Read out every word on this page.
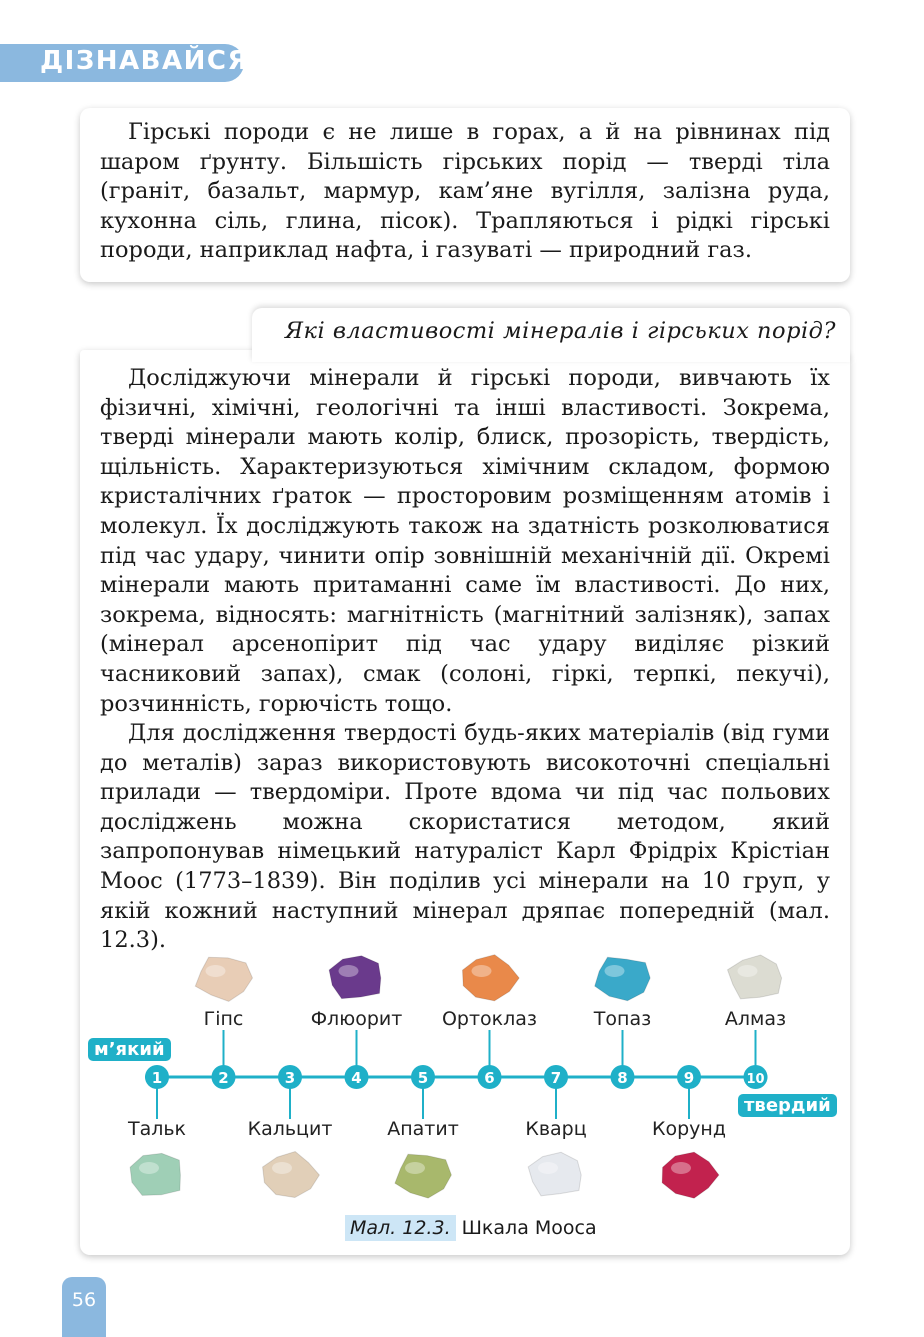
ДІЗНАВАЙСЯ

Гірські породи є не лише в горах, а й на рівнинах під шаром ґрунту. Більшість гірських порід — тверді тіла (граніт, базальт, мармур, кам’яне вугілля, залізна руда, кухонна сіль, глина, пісок). Трапляються і рідкі гірські породи, наприклад нафта, і газуваті — природний газ.

Які властивості мінералів і гірських порід?

Досліджуючи мінерали й гірські породи, вивчають їх фізичні, хімічні, геологічні та інші властивості. Зокрема, тверді мінерали мають колір, блиск, прозорість, твердість, щільність. Характеризуються хімічним складом, формою кристалічних ґраток — просторовим розміщенням атомів і молекул. Їх досліджують також на здатність розколюватися під час удару, чинити опір зовнішній механічній дії. Окремі мінерали мають притаманні саме їм властивості. До них, зокрема, відносять: магнітність (магнітний залізняк), запах (мінерал арсенопірит під час удару виділяє різкий часниковий запах), смак (солоні, гіркі, терпкі, пекучі), розчинність, горючість тощо.

Для дослідження твердості будь-яких матеріалів (від гуми до металів) зараз використовують високоточні спеціальні прилади — твердоміри. Проте вдома чи під час польових досліджень можна скористатися методом, який запропонував німецький натураліст Карл Фрідріх Крістіан Моос (1773–1839). Він поділив усі мінерали на 10 груп, у якій кожний наступний мінерал дряпає попередній (мал. 12.3).

1	2	3	4	5	6	7	8	9	10
м’який
твердий
Тальк
Гіпс
Кальцит
Флюорит
Апатит
Ортоклаз
Кварц
Топаз
Корунд
Алмаз
Мал. 12.3. Шкала Мооса
56
